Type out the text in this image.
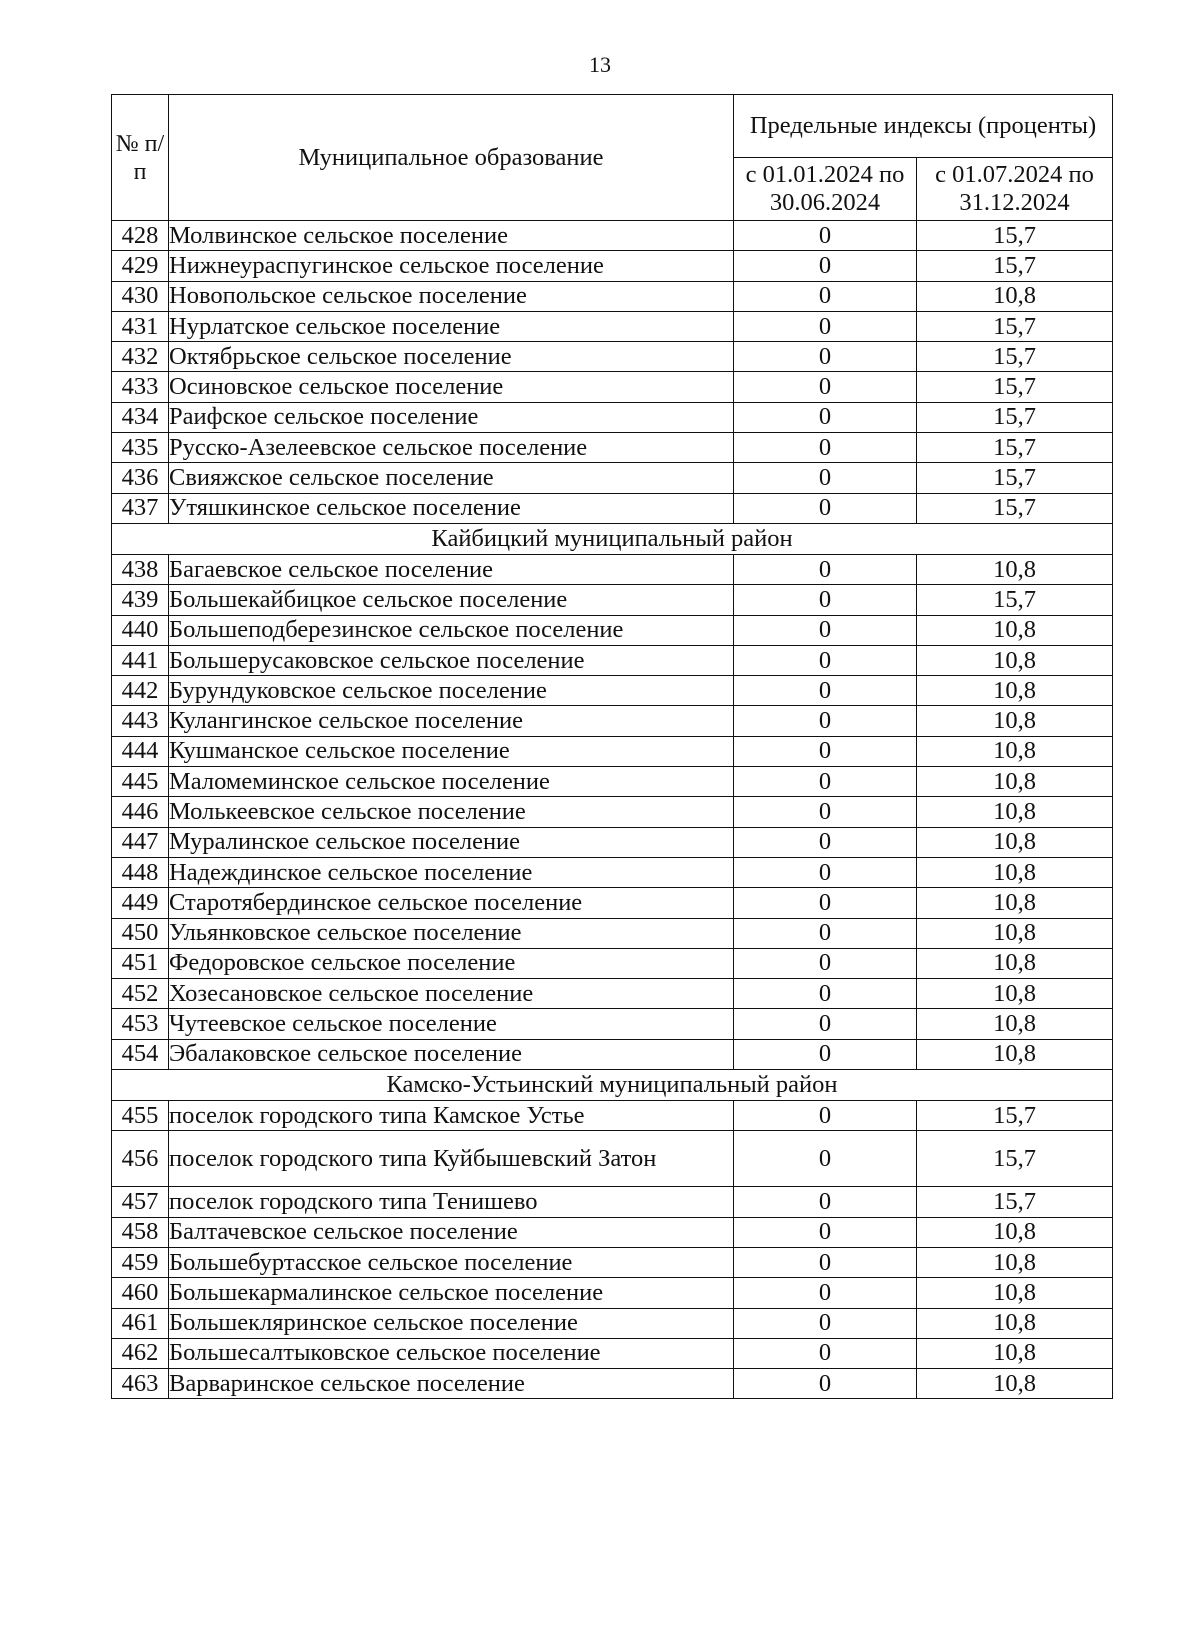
13
№ п/п	Муниципальное образование	Предельные индексы (проценты)	
		с 01.01.2024 по 30.06.2024	с 01.07.2024 по 31.12.2024
428	Молвинское сельское поселение	0	15,7
429	Нижнеураспугинское сельское поселение	0	15,7
430	Новопольское сельское поселение	0	10,8
431	Нурлатское сельское поселение	0	15,7
432	Октябрьское сельское поселение	0	15,7
433	Осиновское сельское поселение	0	15,7
434	Раифское сельское поселение	0	15,7
435	Русско-Азелеевское сельское поселение	0	15,7
436	Свияжское сельское поселение	0	15,7
437	Утяшкинское сельское поселение	0	15,7
Кайбицкий муниципальный район			
438	Багаевское сельское поселение	0	10,8
439	Большекайбицкое сельское поселение	0	15,7
440	Большеподберезинское сельское поселение	0	10,8
441	Большерусаковское сельское поселение	0	10,8
442	Бурундуковское сельское поселение	0	10,8
443	Кулангинское сельское поселение	0	10,8
444	Кушманское сельское поселение	0	10,8
445	Маломеминское сельское поселение	0	10,8
446	Молькеевское сельское поселение	0	10,8
447	Муралинское сельское поселение	0	10,8
448	Надеждинское сельское поселение	0	10,8
449	Старотябердинское сельское поселение	0	10,8
450	Ульянковское сельское поселение	0	10,8
451	Федоровское сельское поселение	0	10,8
452	Хозесановское сельское поселение	0	10,8
453	Чутеевское сельское поселение	0	10,8
454	Эбалаковское сельское поселение	0	10,8
Камско-Устьинский муниципальный район			
455	поселок городского типа Камское Устье	0	15,7
456	поселок городского типа Куйбышевский Затон	0	15,7
457	поселок городского типа Тенишево	0	15,7
458	Балтачевское сельское поселение	0	10,8
459	Большебуртасское сельское поселение	0	10,8
460	Большекармалинское сельское поселение	0	10,8
461	Большекляринское сельское поселение	0	10,8
462	Большесалтыковское сельское поселение	0	10,8
463	Варваринское сельское поселение	0	10,8
